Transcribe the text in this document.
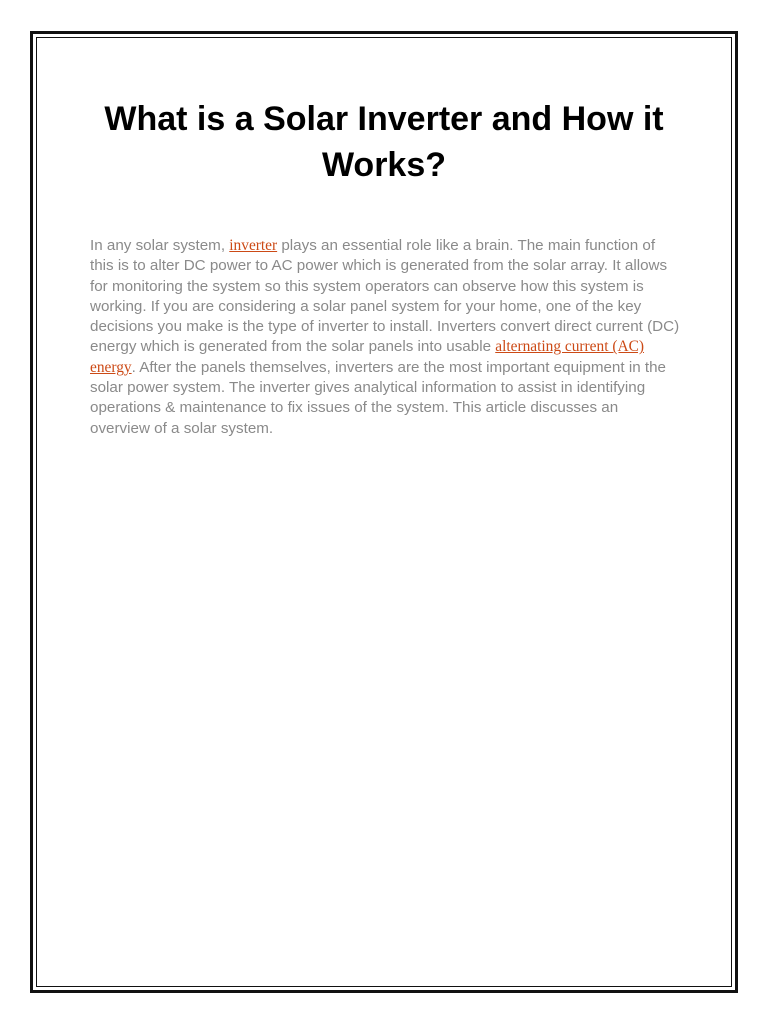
What is a Solar Inverter and How it Works?

In any solar system, inverter plays an essential role like a brain. The main function of this is to alter DC power to AC power which is generated from the solar array. It allows for monitoring the system so this system operators can observe how this system is working. If you are considering a solar panel system for your home, one of the key decisions you make is the type of inverter to install. Inverters convert direct current (DC) energy which is generated from the solar panels into usable alternating current (AC) energy. After the panels themselves, inverters are the most important equipment in the solar power system. The inverter gives analytical information to assist in identifying operations & maintenance to fix issues of the system. This article discusses an overview of a solar system.
